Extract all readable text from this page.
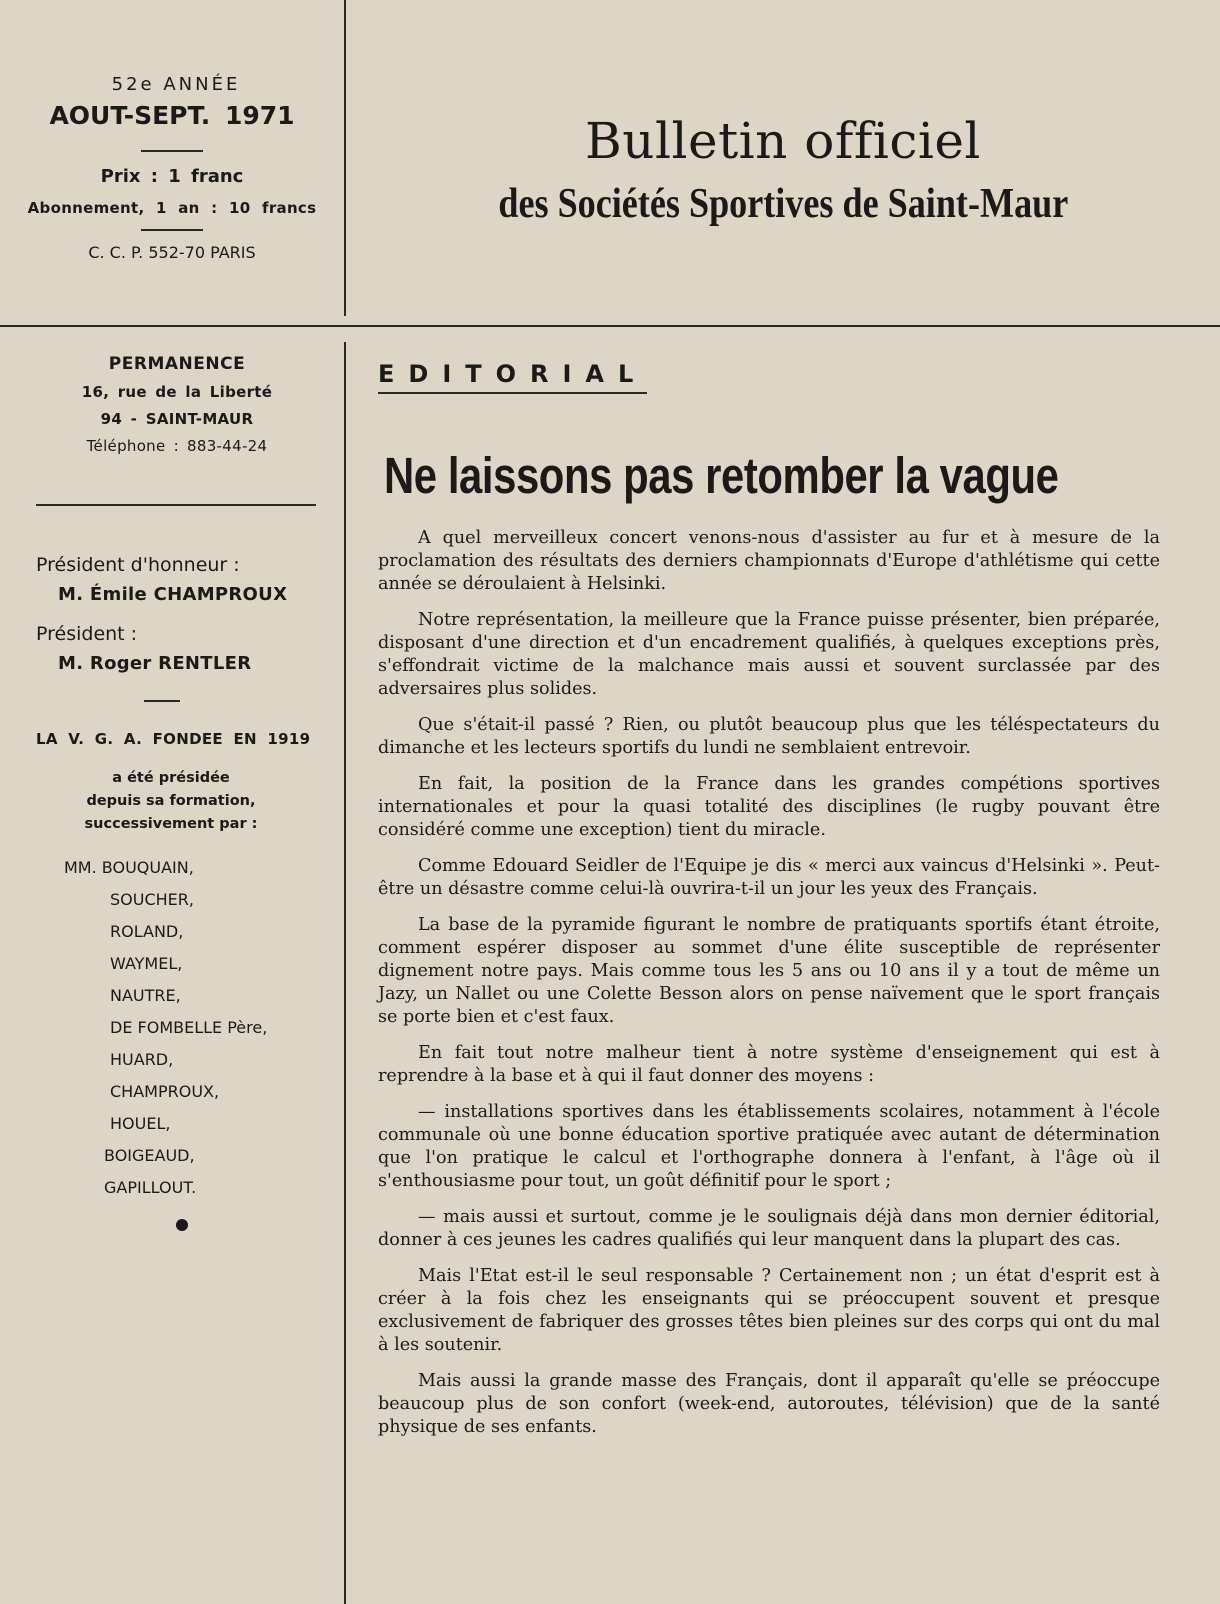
52e ANNÉE
AOUT-SEPT. 1971
Prix : 1 franc
Abonnement, 1 an : 10 francs
C. C. P. 552-70 PARIS
Bulletin officiel
des Sociétés Sportives de Saint-Maur
PERMANENCE
16, rue de la Liberté
94 - SAINT-MAUR
Téléphone : 883-44-24
Président d'honneur :
M. Émile CHAMPROUX
Président :
M. Roger RENTLER
LA V. G. A. FONDEE EN 1919
a été présidée
depuis sa formation,
successivement par :
MM. BOUQUAIN,
SOUCHER,
ROLAND,
WAYMEL,
NAUTRE,
DE FOMBELLE Père,
HUARD,
CHAMPROUX,
HOUEL,
BOIGEAUD,
GAPILLOUT.
EDITORIAL
Ne laissons pas retomber la vague

A quel merveilleux concert venons-nous d'assister au fur et à mesure de la proclamation des résultats des derniers championnats d'Europe d'athlétisme qui cette année se déroulaient à Helsinki.

Notre représentation, la meilleure que la France puisse présenter, bien préparée, disposant d'une direction et d'un encadrement qualifiés, à quelques exceptions près, s'effondrait victime de la malchance mais aussi et souvent surclassée par des adversaires plus solides.

Que s'était-il passé ? Rien, ou plutôt beaucoup plus que les téléspectateurs du dimanche et les lecteurs sportifs du lundi ne semblaient entrevoir.

En fait, la position de la France dans les grandes compétions sportives internationales et pour la quasi totalité des disciplines (le rugby pouvant être considéré comme une exception) tient du miracle.

Comme Edouard Seidler de l'Equipe je dis « merci aux vaincus d'Helsinki ». Peut-être un désastre comme celui-là ouvrira-t-il un jour les yeux des Français.

La base de la pyramide figurant le nombre de pratiquants sportifs étant étroite, comment espérer disposer au sommet d'une élite susceptible de représenter dignement notre pays. Mais comme tous les 5 ans ou 10 ans il y a tout de même un Jazy, un Nallet ou une Colette Besson alors on pense naïvement que le sport français se porte bien et c'est faux.

En fait tout notre malheur tient à notre système d'enseignement qui est à reprendre à la base et à qui il faut donner des moyens :

— installations sportives dans les établissements scolaires, notamment à l'école communale où une bonne éducation sportive pratiquée avec autant de détermination que l'on pratique le calcul et l'orthographe donnera à l'enfant, à l'âge où il s'enthousiasme pour tout, un goût définitif pour le sport ;

— mais aussi et surtout, comme je le soulignais déjà dans mon dernier éditorial, donner à ces jeunes les cadres qualifiés qui leur manquent dans la plupart des cas.

Mais l'Etat est-il le seul responsable ? Certainement non ; un état d'esprit est à créer à la fois chez les enseignants qui se préoccupent souvent et presque exclusivement de fabriquer des grosses têtes bien pleines sur des corps qui ont du mal à les soutenir.

Mais aussi la grande masse des Français, dont il apparaît qu'elle se préoccupe beaucoup plus de son confort (week-end, autoroutes, télévision) que de la santé physique de ses enfants.
